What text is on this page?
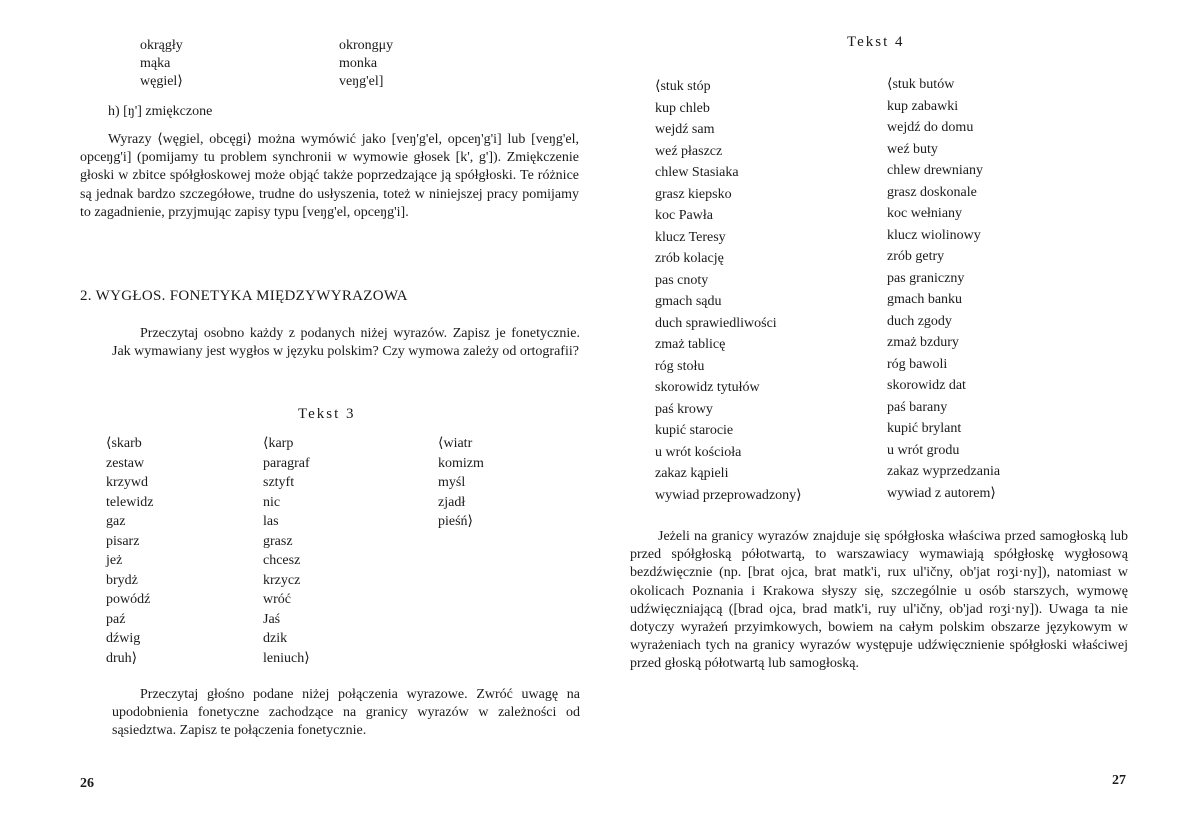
okrągły
mąka
węgiel⟩
okrongμy
monka
veŋg'el]
h) [ŋ'] zmiękczone
Wyrazy ⟨węgiel, obcęgi⟩ można wymówić jako [veŋ'g'el, opceŋ'g'i] lub [veŋg'el, opceŋg'i] (pomijamy tu problem synchronii w wymowie głosek [k', g']). Zmiękczenie głoski w zbitce spółgłoskowej może objąć także poprzedzające ją spółgłoski. Te różnice są jednak bardzo szczegółowe, trudne do usłyszenia, toteż w niniejszej pracy pomijamy to zagadnienie, przyjmując zapisy typu [veŋg'el, opceŋg'i].
2. WYGŁOS. FONETYKA MIĘDZYWYRAZOWA
Przeczytaj osobno każdy z podanych niżej wyrazów. Zapisz je fonetycznie. Jak wymawiany jest wygłos w języku polskim? Czy wymowa zależy od ortografii?
Tekst 3
⟨skarb
zestaw
krzywd
telewidz
gaz
pisarz
jeż
brydż
powódź
paź
dźwig
druh⟩
⟨karp
paragraf
sztyft
nic
las
grasz
chcesz
krzycz
wróć
Jaś
dzik
leniuch⟩
⟨wiatr
komizm
myśl
zjadł
pieśń⟩
Przeczytaj głośno podane niżej połączenia wyrazowe. Zwróć uwagę na upodobnienia fonetyczne zachodzące na granicy wyrazów w zależności od sąsiedztwa. Zapisz te połączenia fonetycznie.
26
Tekst 4
⟨stuk stóp
kup chleb
wejdź sam
weź płaszcz
chlew Stasiaka
grasz kiepsko
koc Pawła
klucz Teresy
zrób kolację
pas cnoty
gmach sądu
duch sprawiedliwości
zmaż tablicę
róg stołu
skorowidz tytułów
paś krowy
kupić starocie
u wrót kościoła
zakaz kąpieli
wywiad przeprowadzony⟩
⟨stuk butów
kup zabawki
wejdź do domu
weź buty
chlew drewniany
grasz doskonale
koc wełniany
klucz wiolinowy
zrób getry
pas graniczny
gmach banku
duch zgody
zmaż bzdury
róg bawoli
skorowidz dat
paś barany
kupić brylant
u wrót grodu
zakaz wyprzedzania
wywiad z autorem⟩
Jeżeli na granicy wyrazów znajduje się spółgłoska właściwa przed samogłoską lub przed spółgłoską półotwartą, to warszawiacy wymawiają spółgłoskę wygłosową bezdźwięcznie (np. [brat ojca, brat matk'i, rux ul'ičny, ob'jat roʒi·ny]), natomiast w okolicach Poznania i Krakowa słyszy się, szczególnie u osób starszych, wymowę udźwięczniającą ([brad ojca, brad matk'i, ruy ul'ičny, ob'jad roʒi·ny]). Uwaga ta nie dotyczy wyrażeń przyimkowych, bowiem na całym polskim obszarze językowym w wyrażeniach tych na granicy wyrazów występuje udźwięcznienie spółgłoski właściwej przed głoską półotwartą lub samogłoską.
27
